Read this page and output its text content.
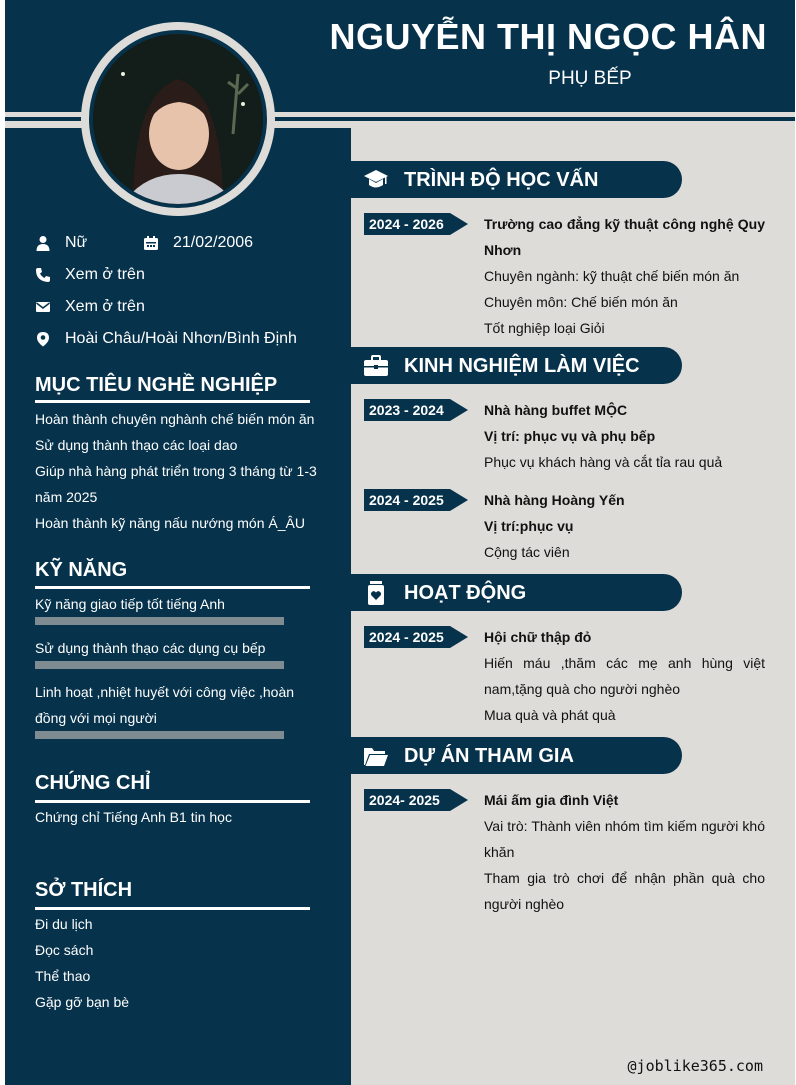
NGUYỄN THỊ NGỌC HÂN
PHỤ BẾP
Nữ	21/02/2006
Xem ở trên
Xem ở trên
Hoài Châu/Hoài Nhơn/Bình Định
MỤC TIÊU NGHỀ NGHIỆP
Hoàn thành chuyên nghành chế biến món ăn
Sử dụng thành thạo các loại dao
Giúp nhà hàng phát triển trong 3 tháng từ 1-3 năm 2025
Hoàn thành kỹ năng nấu nướng món Á_ÂU
KỸ NĂNG
Kỹ năng giao tiếp tốt tiếng Anh
Sử dụng thành thạo các dụng cụ bếp
Linh hoạt ,nhiệt huyết với công việc ,hoàn đồng với mọi người
CHỨNG CHỈ
Chứng chỉ Tiếng Anh B1 tin học
SỞ THÍCH
Đi du lịch
Đọc sách
Thể thao
Gặp gỡ bạn bè
TRÌNH ĐỘ HỌC VẤN
2024 - 2026	Trường cao đẳng kỹ thuật công nghệ Quy Nhơn
Chuyên ngành: kỹ thuật chế biến món ăn
Chuyên môn: Chế biến món ăn
Tốt nghiệp loại Giỏi
KINH NGHIỆM LÀM VIỆC
2023 - 2024	Nhà hàng buffet MỘC
Vị trí: phục vụ và phụ bếp
Phục vụ khách hàng và cắt tỉa rau quả
2024 - 2025	Nhà hàng Hoàng Yến
Vị trí:phục vụ
Cộng tác viên
HOẠT ĐỘNG
2024 - 2025	Hội chữ thập đỏ
Hiến máu ,thăm các mẹ anh hùng việt nam,tặng quà cho người nghèo
Mua quà và phát quà
DỰ ÁN THAM GIA
2024- 2025	Mái ấm gia đình Việt
Vai trò: Thành viên nhóm tìm kiếm người khó khăn
Tham gia trò chơi để nhận phần quà cho người nghèo
@joblike365.com
